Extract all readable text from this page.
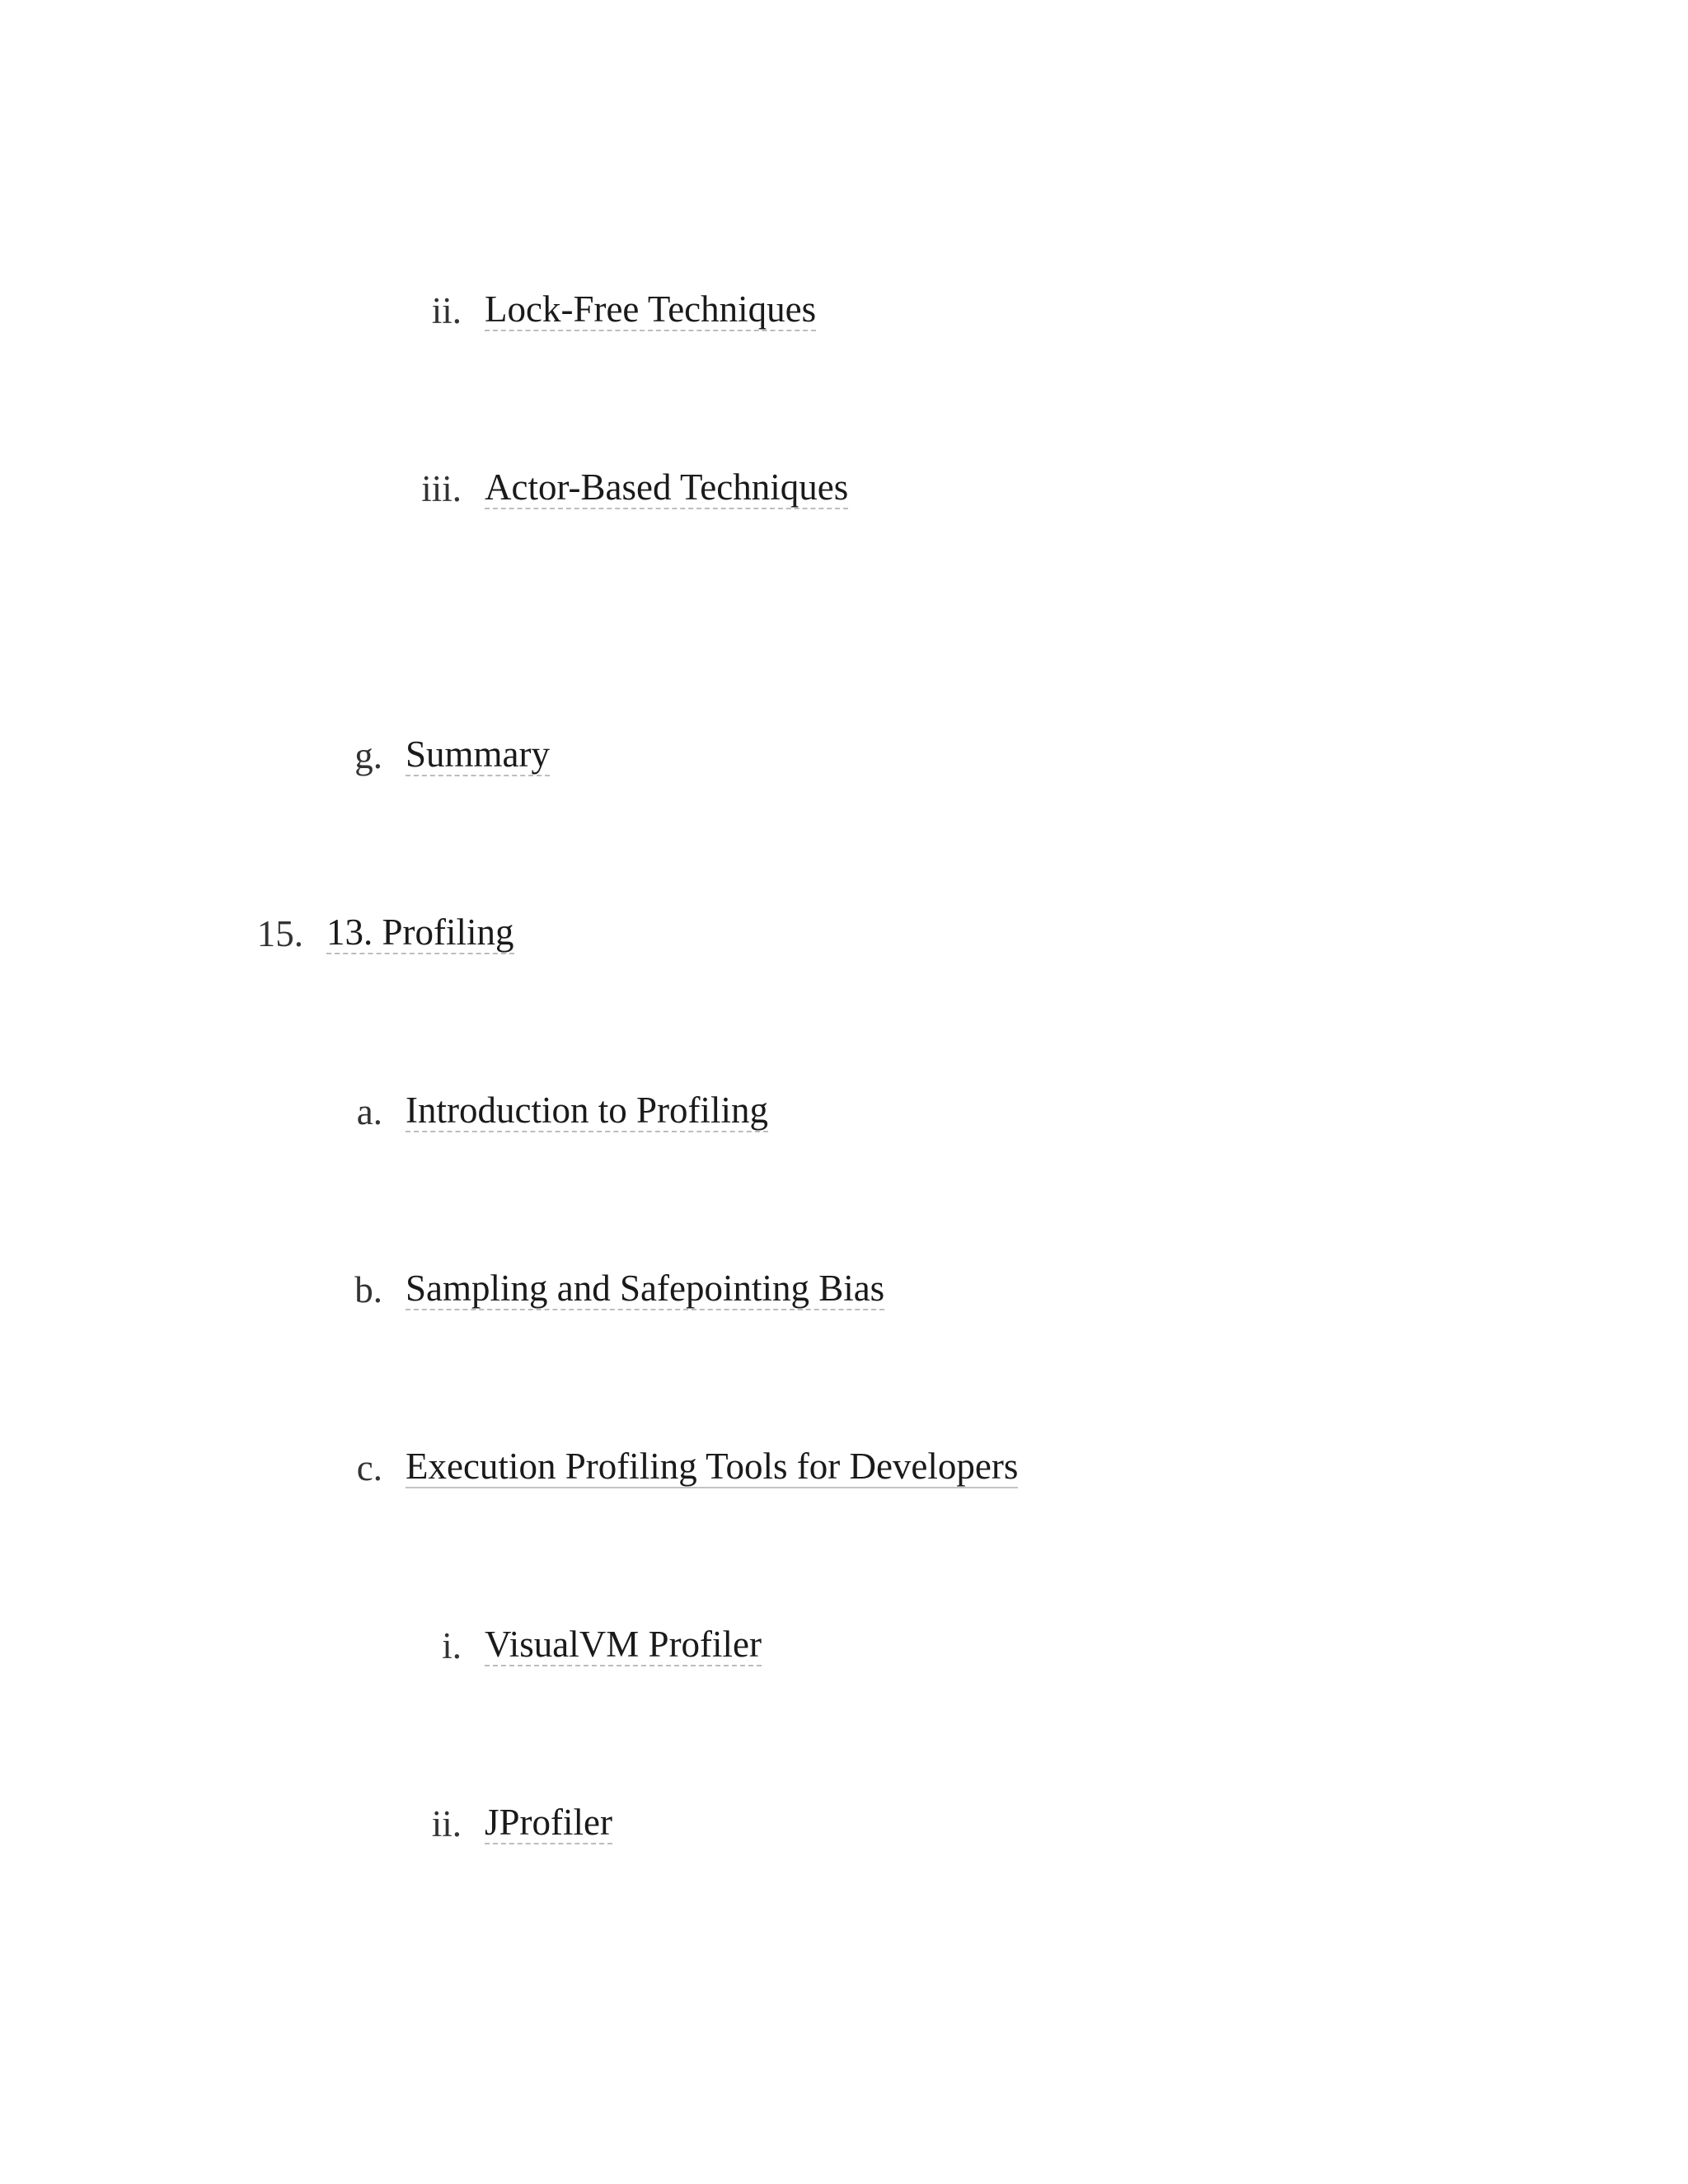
ii. Lock-Free Techniques
iii. Actor-Based Techniques
g. Summary
15. 13. Profiling
a. Introduction to Profiling
b. Sampling and Safepointing Bias
c. Execution Profiling Tools for Developers
i. VisualVM Profiler
ii. JProfiler
